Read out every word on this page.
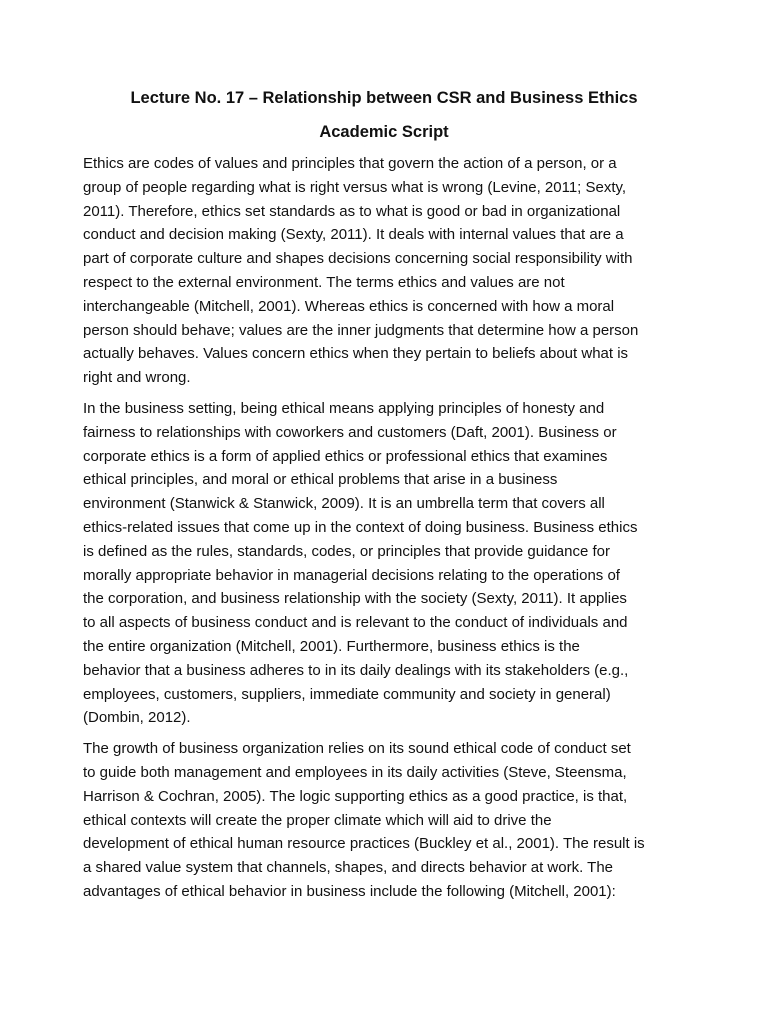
Lecture No. 17 – Relationship between CSR and Business Ethics
Academic Script

Ethics are codes of values and principles that govern the action of a person, or a
group of people regarding what is right versus what is wrong (Levine, 2011; Sexty,
2011). Therefore, ethics set standards as to what is good or bad in organizational
conduct and decision making (Sexty, 2011). It deals with internal values that are a
part of corporate culture and shapes decisions concerning social responsibility with
respect to the external environment. The terms ethics and values are not
interchangeable (Mitchell, 2001). Whereas ethics is concerned with how a moral
person should behave; values are the inner judgments that determine how a person
actually behaves. Values concern ethics when they pertain to beliefs about what is
right and wrong.

In the business setting, being ethical means applying principles of honesty and
fairness to relationships with coworkers and customers (Daft, 2001). Business or
corporate ethics is a form of applied ethics or professional ethics that examines
ethical principles, and moral or ethical problems that arise in a business
environment (Stanwick & Stanwick, 2009). It is an umbrella term that covers all
ethics-related issues that come up in the context of doing business. Business ethics
is defined as the rules, standards, codes, or principles that provide guidance for
morally appropriate behavior in managerial decisions relating to the operations of
the corporation, and business relationship with the society (Sexty, 2011). It applies
to all aspects of business conduct and is relevant to the conduct of individuals and
the entire organization (Mitchell, 2001). Furthermore, business ethics is the
behavior that a business adheres to in its daily dealings with its stakeholders (e.g.,
employees, customers, suppliers, immediate community and society in general)
(Dombin, 2012).

The growth of business organization relies on its sound ethical code of conduct set
to guide both management and employees in its daily activities (Steve, Steensma,
Harrison & Cochran, 2005). The logic supporting ethics as a good practice, is that,
ethical contexts will create the proper climate which will aid to drive the
development of ethical human resource practices (Buckley et al., 2001). The result is
a shared value system that channels, shapes, and directs behavior at work. The
advantages of ethical behavior in business include the following (Mitchell, 2001):
